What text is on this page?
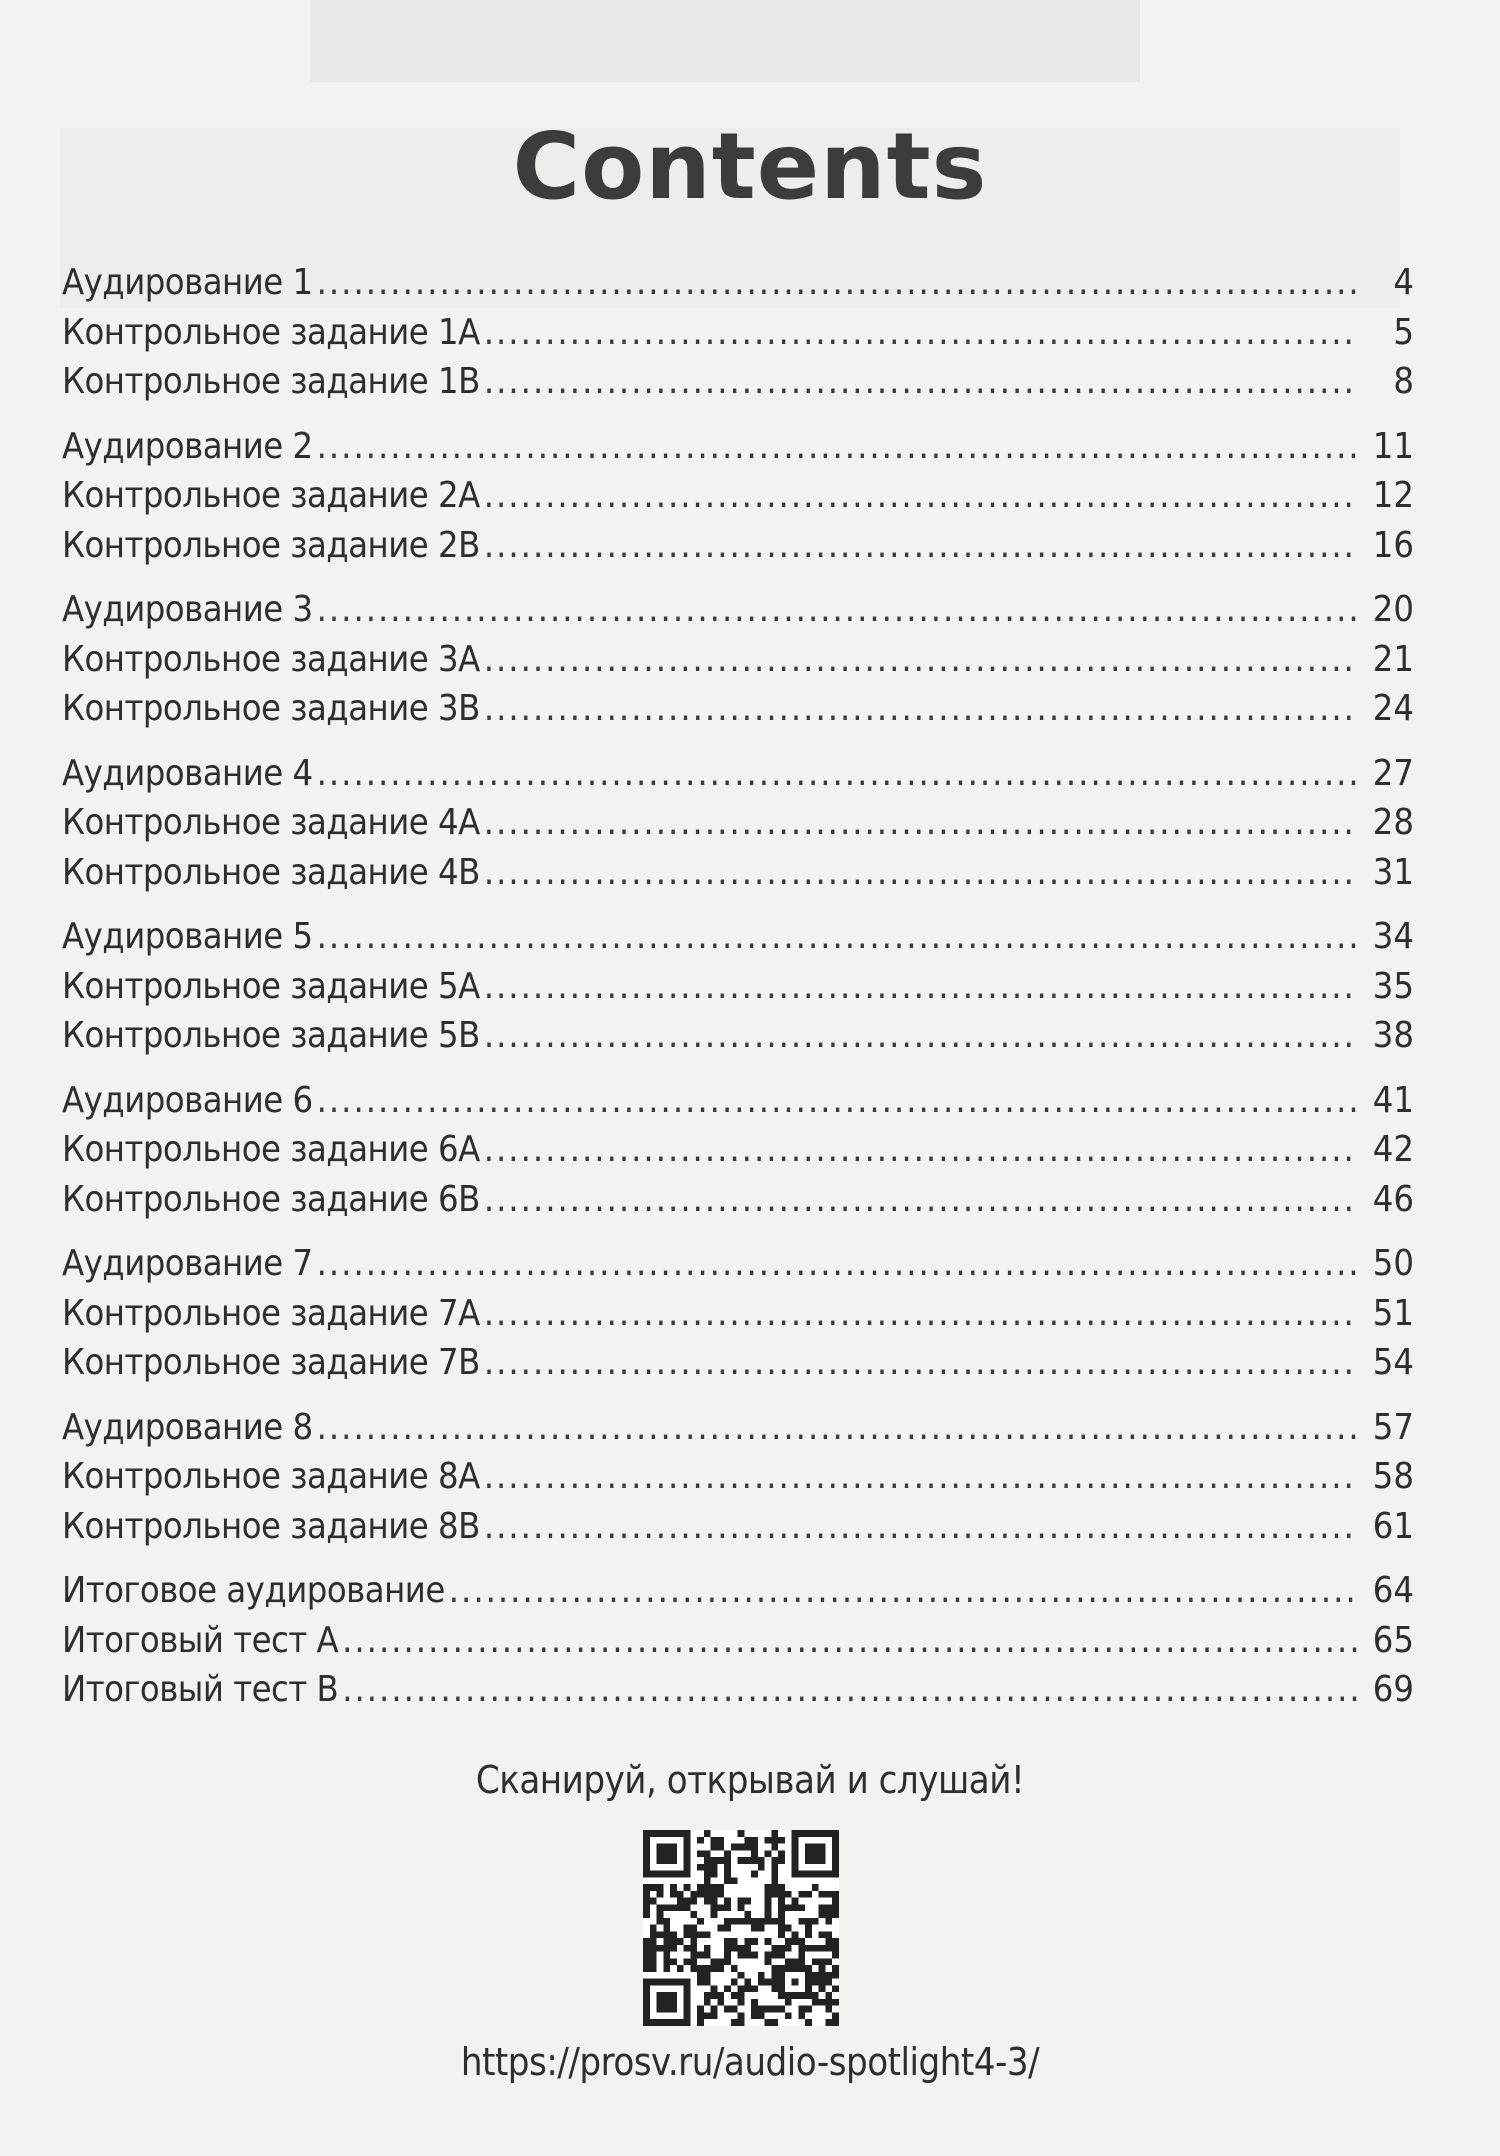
Contents
Аудирование 1 .....	4
Контрольное задание 1A .....	5
Контрольное задание 1B .....	8
Аудирование 2 .....	11
Контрольное задание 2A .....	12
Контрольное задание 2B .....	16
Аудирование 3 .....	20
Контрольное задание 3A .....	21
Контрольное задание 3B .....	24
Аудирование 4 .....	27
Контрольное задание 4A .....	28
Контрольное задание 4B .....	31
Аудирование 5 .....	34
Контрольное задание 5A .....	35
Контрольное задание 5B .....	38
Аудирование 6 .....	41
Контрольное задание 6A .....	42
Контрольное задание 6B .....	46
Аудирование 7 .....	50
Контрольное задание 7A .....	51
Контрольное задание 7B .....	54
Аудирование 8 .....	57
Контрольное задание 8A .....	58
Контрольное задание 8B .....	61
Итоговое аудирование .....	64
Итоговый тест A .....	65
Итоговый тест B .....	69
Сканируй, открывай и слушай!
https://prosv.ru/audio-spotlight4-3/
